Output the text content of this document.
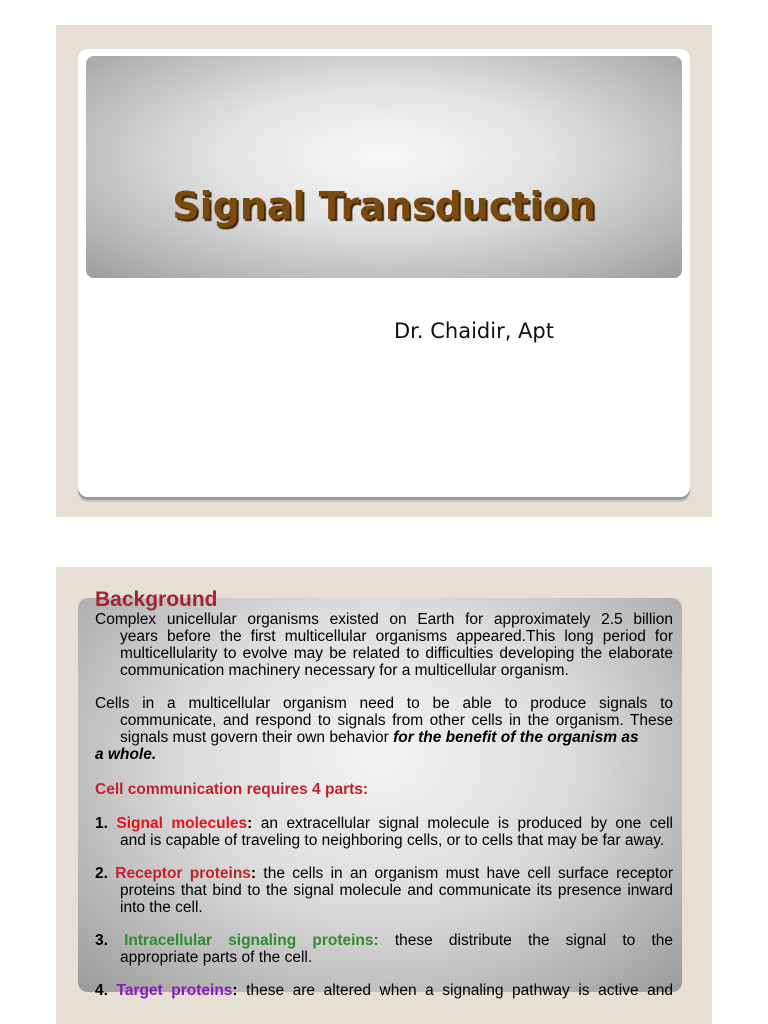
Signal Transduction
Dr. Chaidir, Apt
Background
Complex unicellular organisms existed on Earth for approximately 2.5 billion
years before the first multicellular organisms appeared.This long period for multicellularity to evolve may be related to difficulties developing the elaborate communication machinery necessary for a multicellular organism.
Cells in a multicellular organism need to be able to produce signals to
communicate, and respond to signals from other cells in the organism. These signals must govern their own behavior for the benefit of the organism as
a whole.
Cell communication requires 4 parts:
1. Signal molecules: an extracellular signal molecule is produced by one cell
and is capable of traveling to neighboring cells, or to cells that may be far away.
2. Receptor proteins: the cells in an organism must have cell surface receptor
proteins that bind to the signal molecule and communicate its presence inward into the cell.
3. Intracellular signaling proteins: these distribute the signal to the
appropriate parts of the cell.
4. Target proteins: these are altered when a signaling pathway is active and
